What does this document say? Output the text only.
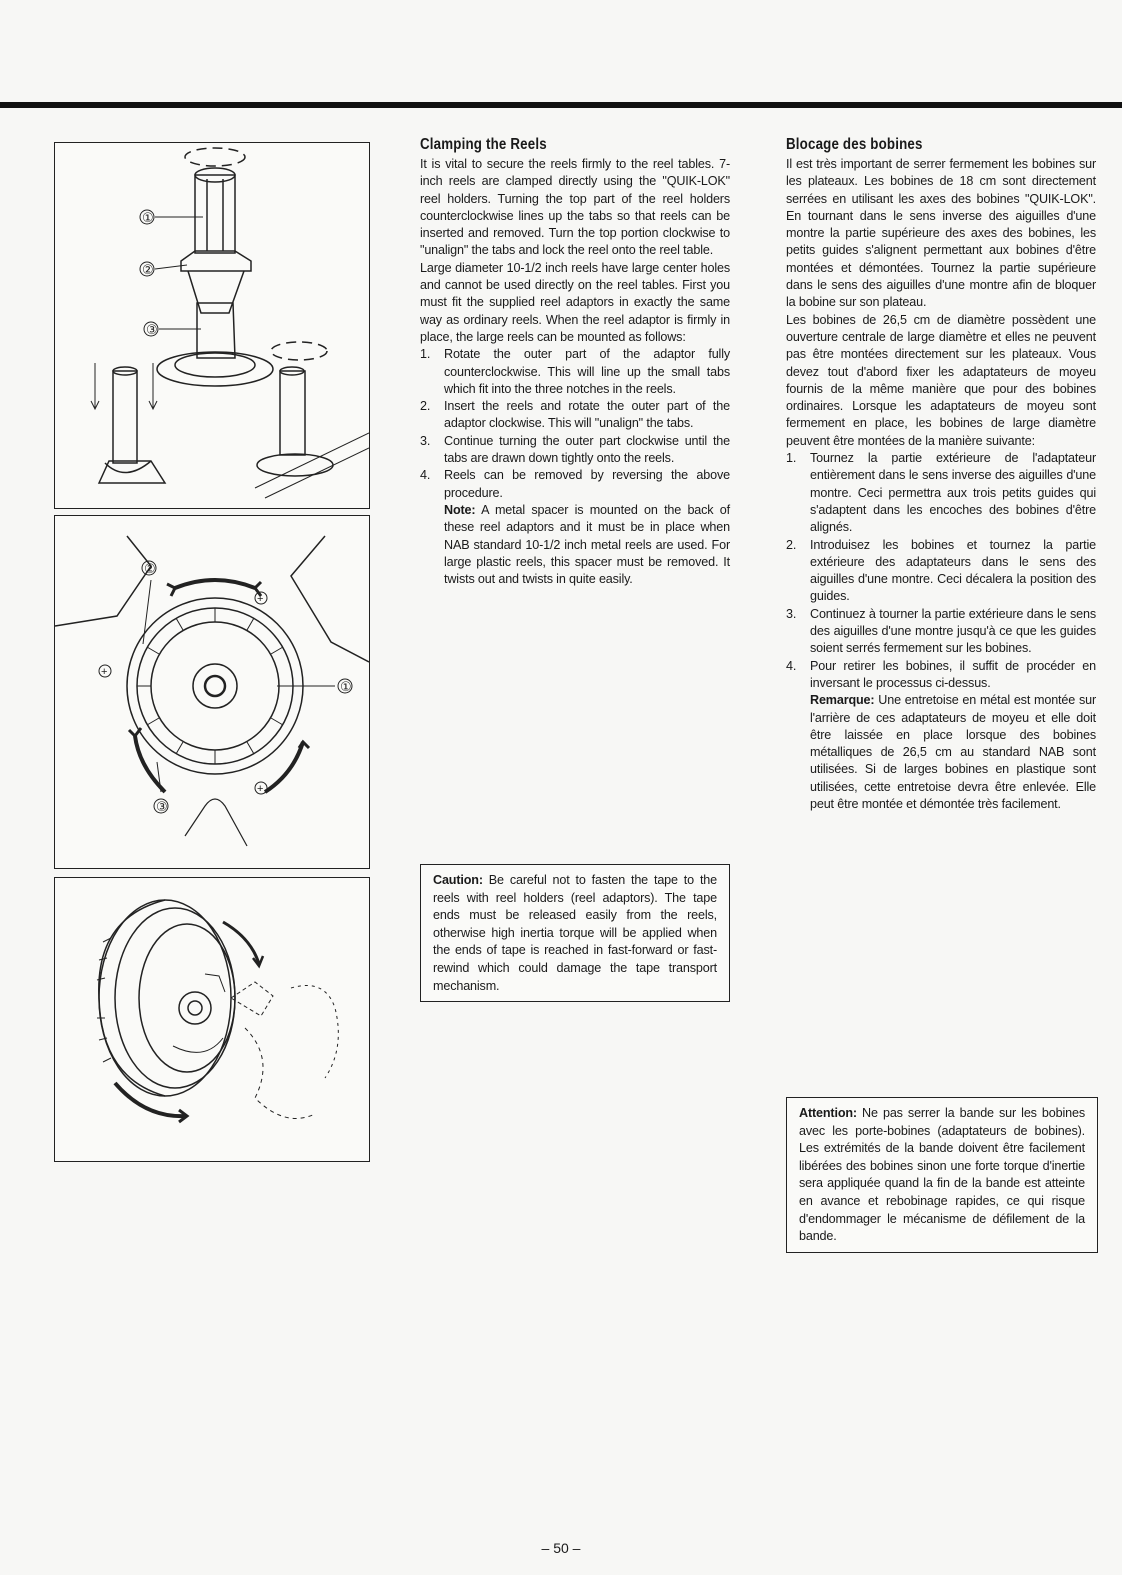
①
②
③
+
+
+
①
②
③
Clamping the Reels

It is vital to secure the reels firmly to the reel tables. 7-inch reels are clamped directly using the "QUIK-LOK" reel holders. Turning the top part of the reel holders counterclockwise lines up the tabs so that reels can be inserted and removed. Turn the top portion clockwise to "unalign" the tabs and lock the reel onto the reel table.

Large diameter 10-1/2 inch reels have large center holes and cannot be used directly on the reel tables. First you must fit the supplied reel adaptors in exactly the same way as ordinary reels. When the reel adaptor is firmly in place, the large reels can be mounted as follows:

1. Rotate the outer part of the adaptor fully counterclockwise. This will line up the small tabs which fit into the three notches in the reels.
2. Insert the reels and rotate the outer part of the adaptor clockwise. This will "unalign" the tabs.
3. Continue turning the outer part clockwise until the tabs are drawn down tightly onto the reels.
4. Reels can be removed by reversing the above procedure.
Note: A metal spacer is mounted on the back of these reel adaptors and it must be in place when NAB standard 10-1/2 inch metal reels are used. For large plastic reels, this spacer must be removed. It twists out and twists in quite easily.
Caution: Be careful not to fasten the tape to the reels with reel holders (reel adaptors). The tape ends must be released easily from the reels, otherwise high inertia torque will be applied when the ends of tape is reached in fast-forward or fast-rewind which could damage the tape transport mechanism.
Blocage des bobines

Il est très important de serrer fermement les bobines sur les plateaux. Les bobines de 18 cm sont directement serrées en utilisant les axes des bobines "QUIK-LOK". En tournant dans le sens inverse des aiguilles d'une montre la partie supérieure des axes des bobines, les petits guides s'alignent permettant aux bobines d'être montées et démontées. Tournez la partie supérieure dans le sens des aiguilles d'une montre afin de bloquer la bobine sur son plateau.

Les bobines de 26,5 cm de diamètre possèdent une ouverture centrale de large diamètre et elles ne peuvent pas être montées directement sur les plateaux. Vous devez tout d'abord fixer les adaptateurs de moyeu fournis de la même manière que pour des bobines ordinaires. Lorsque les adaptateurs de moyeu sont fermement en place, les bobines de large diamètre peuvent être montées de la manière suivante:

1. Tournez la partie extérieure de l'adaptateur entièrement dans le sens inverse des aiguilles d'une montre. Ceci permettra aux trois petits guides qui s'adaptent dans les encoches des bobines d'être alignés.
2. Introduisez les bobines et tournez la partie extérieure des adaptateurs dans le sens des aiguilles d'une montre. Ceci décalera la position des guides.
3. Continuez à tourner la partie extérieure dans le sens des aiguilles d'une montre jusqu'à ce que les guides soient serrés fermement sur les bobines.
4. Pour retirer les bobines, il suffit de procéder en inversant le processus ci-dessus.
Remarque: Une entretoise en métal est montée sur l'arrière de ces adaptateurs de moyeu et elle doit être laissée en place lorsque des bobines métalliques de 26,5 cm au standard NAB sont utilisées. Si de larges bobines en plastique sont utilisées, cette entretoise devra être enlevée. Elle peut être montée et démontée très facilement.
Attention: Ne pas serrer la bande sur les bobines avec les porte-bobines (adaptateurs de bobines). Les extrémités de la bande doivent être facilement libérées des bobines sinon une forte torque d'inertie sera appliquée quand la fin de la bande est atteinte en avance et rebobinage rapides, ce qui risque d'endommager le mécanisme de défilement de la bande.
– 50 –
